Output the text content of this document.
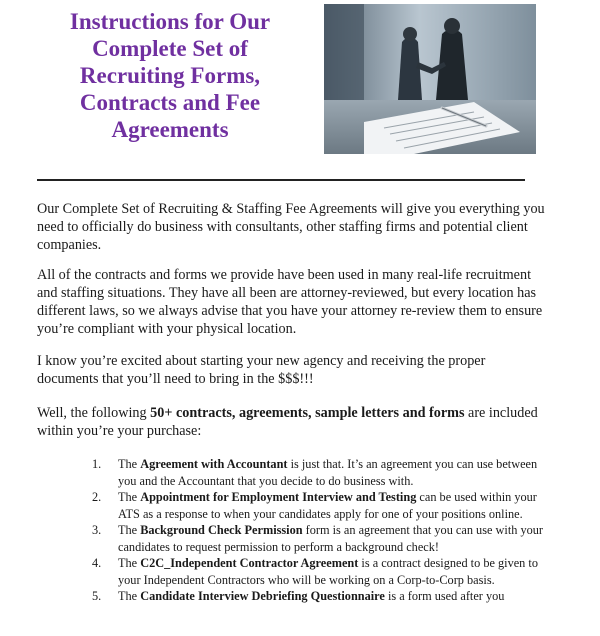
Instructions for Our
Complete Set of
Recruiting Forms,
Contracts and Fee
Agreements
Our Complete Set of Recruiting & Staffing Fee Agreements will give you everything you need to officially do business with consultants, other staffing firms and potential client companies.
All of the contracts and forms we provide have been used in many real-life recruitment and staffing situations. They have all been are attorney-reviewed, but every location has different laws, so we always advise that you have your attorney re-review them to ensure you’re compliant with your physical location.
I know you’re excited about starting your new agency and receiving the proper documents that you’ll need to bring in the $$$!!!
Well, the following 50+ contracts, agreements, sample letters and forms are included within you’re your purchase:
1. The Agreement with Accountant is just that. It’s an agreement you can use between you and the Accountant that you decide to do business with.
2. The Appointment for Employment Interview and Testing can be used within your ATS as a response to when your candidates apply for one of your positions online.
3. The Background Check Permission form is an agreement that you can use with your candidates to request permission to perform a background check!
4. The C2C_Independent Contractor Agreement is a contract designed to be given to your Independent Contractors who will be working on a Corp-to-Corp basis.
5. The Candidate Interview Debriefing Questionnaire is a form used after you
